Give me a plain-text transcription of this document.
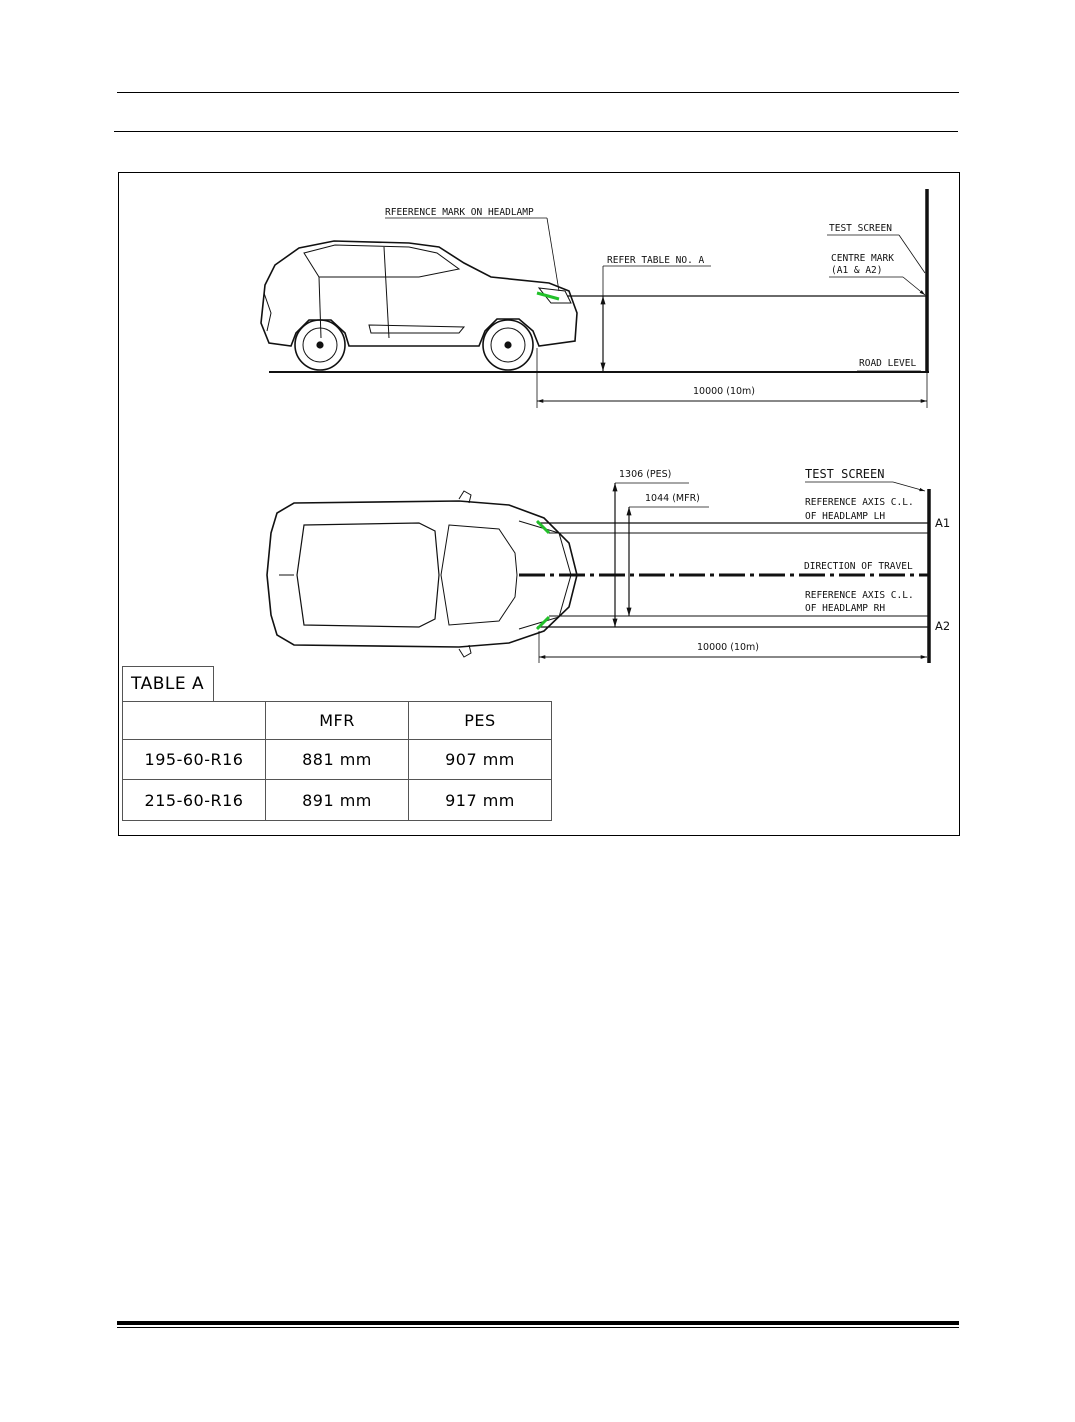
RFEERENCE MARK ON HEADLAMP
REFER TABLE NO. A
TEST SCREEN
CENTRE MARK
(A1 & A2)
ROAD LEVEL
10000 (10m)
1306 (PES)
1044 (MFR)
TEST SCREEN
REFERENCE AXIS C.L.
OF HEADLAMP LH
DIRECTION OF TRAVEL
REFERENCE AXIS C.L.
OF HEADLAMP RH
A1
A2
10000 (10m)
TABLE A
	MFR	PES
195-60-R16	881 mm	907 mm
215-60-R16	891 mm	917 mm
